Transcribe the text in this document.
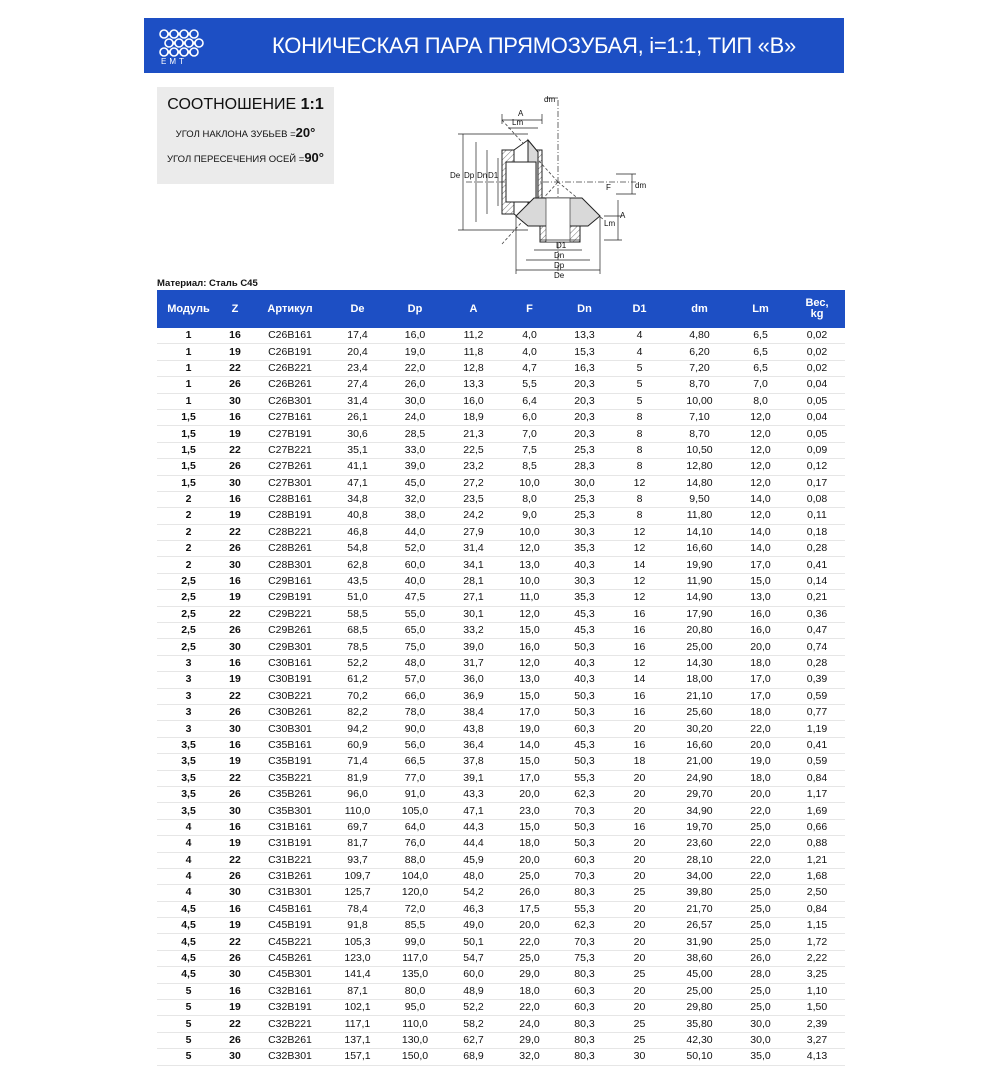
EMT
КОНИЧЕСКАЯ ПАРА ПРЯМОЗУБАЯ, i=1:1, ТИП «В»
СООТНОШЕНИЕ 1:1
УГОЛ НАКЛОНА ЗУБЬЕВ =20°
УГОЛ ПЕРЕСЕЧЕНИЯ ОСЕЙ =90°
A
Lm
dm
De Dp Dn D1
dm
F
A
Lm
D1
Dn
Dp
De
Материал: Сталь С45
Модуль	Z	Артикул	De	Dp	A	F	Dn	D1	dm	Lm	Вес,
kg
1	16	C26B161	17,4	16,0	11,2	4,0	13,3	4	4,80	6,5	0,02
1	19	C26B191	20,4	19,0	11,8	4,0	15,3	4	6,20	6,5	0,02
1	22	C26B221	23,4	22,0	12,8	4,7	16,3	5	7,20	6,5	0,02
1	26	C26B261	27,4	26,0	13,3	5,5	20,3	5	8,70	7,0	0,04
1	30	C26B301	31,4	30,0	16,0	6,4	20,3	5	10,00	8,0	0,05
1,5	16	C27B161	26,1	24,0	18,9	6,0	20,3	8	7,10	12,0	0,04
1,5	19	C27B191	30,6	28,5	21,3	7,0	20,3	8	8,70	12,0	0,05
1,5	22	C27B221	35,1	33,0	22,5	7,5	25,3	8	10,50	12,0	0,09
1,5	26	C27B261	41,1	39,0	23,2	8,5	28,3	8	12,80	12,0	0,12
1,5	30	C27B301	47,1	45,0	27,2	10,0	30,0	12	14,80	12,0	0,17
2	16	C28B161	34,8	32,0	23,5	8,0	25,3	8	9,50	14,0	0,08
2	19	C28B191	40,8	38,0	24,2	9,0	25,3	8	11,80	12,0	0,11
2	22	C28B221	46,8	44,0	27,9	10,0	30,3	12	14,10	14,0	0,18
2	26	C28B261	54,8	52,0	31,4	12,0	35,3	12	16,60	14,0	0,28
2	30	C28B301	62,8	60,0	34,1	13,0	40,3	14	19,90	17,0	0,41
2,5	16	C29B161	43,5	40,0	28,1	10,0	30,3	12	11,90	15,0	0,14
2,5	19	C29B191	51,0	47,5	27,1	11,0	35,3	12	14,90	13,0	0,21
2,5	22	C29B221	58,5	55,0	30,1	12,0	45,3	16	17,90	16,0	0,36
2,5	26	C29B261	68,5	65,0	33,2	15,0	45,3	16	20,80	16,0	0,47
2,5	30	C29B301	78,5	75,0	39,0	16,0	50,3	16	25,00	20,0	0,74
3	16	C30B161	52,2	48,0	31,7	12,0	40,3	12	14,30	18,0	0,28
3	19	C30B191	61,2	57,0	36,0	13,0	40,3	14	18,00	17,0	0,39
3	22	C30B221	70,2	66,0	36,9	15,0	50,3	16	21,10	17,0	0,59
3	26	C30B261	82,2	78,0	38,4	17,0	50,3	16	25,60	18,0	0,77
3	30	C30B301	94,2	90,0	43,8	19,0	60,3	20	30,20	22,0	1,19
3,5	16	C35B161	60,9	56,0	36,4	14,0	45,3	16	16,60	20,0	0,41
3,5	19	C35B191	71,4	66,5	37,8	15,0	50,3	18	21,00	19,0	0,59
3,5	22	C35B221	81,9	77,0	39,1	17,0	55,3	20	24,90	18,0	0,84
3,5	26	C35B261	96,0	91,0	43,3	20,0	62,3	20	29,70	20,0	1,17
3,5	30	C35B301	110,0	105,0	47,1	23,0	70,3	20	34,90	22,0	1,69
4	16	C31B161	69,7	64,0	44,3	15,0	50,3	16	19,70	25,0	0,66
4	19	C31B191	81,7	76,0	44,4	18,0	50,3	20	23,60	22,0	0,88
4	22	C31B221	93,7	88,0	45,9	20,0	60,3	20	28,10	22,0	1,21
4	26	C31B261	109,7	104,0	48,0	25,0	70,3	20	34,00	22,0	1,68
4	30	C31B301	125,7	120,0	54,2	26,0	80,3	25	39,80	25,0	2,50
4,5	16	C45B161	78,4	72,0	46,3	17,5	55,3	20	21,70	25,0	0,84
4,5	19	C45B191	91,8	85,5	49,0	20,0	62,3	20	26,57	25,0	1,15
4,5	22	C45B221	105,3	99,0	50,1	22,0	70,3	20	31,90	25,0	1,72
4,5	26	C45B261	123,0	117,0	54,7	25,0	75,3	20	38,60	26,0	2,22
4,5	30	C45B301	141,4	135,0	60,0	29,0	80,3	25	45,00	28,0	3,25
5	16	C32B161	87,1	80,0	48,9	18,0	60,3	20	25,00	25,0	1,10
5	19	C32B191	102,1	95,0	52,2	22,0	60,3	20	29,80	25,0	1,50
5	22	C32B221	117,1	110,0	58,2	24,0	80,3	25	35,80	30,0	2,39
5	26	C32B261	137,1	130,0	62,7	29,0	80,3	25	42,30	30,0	3,27
5	30	C32B301	157,1	150,0	68,9	32,0	80,3	30	50,10	35,0	4,13
